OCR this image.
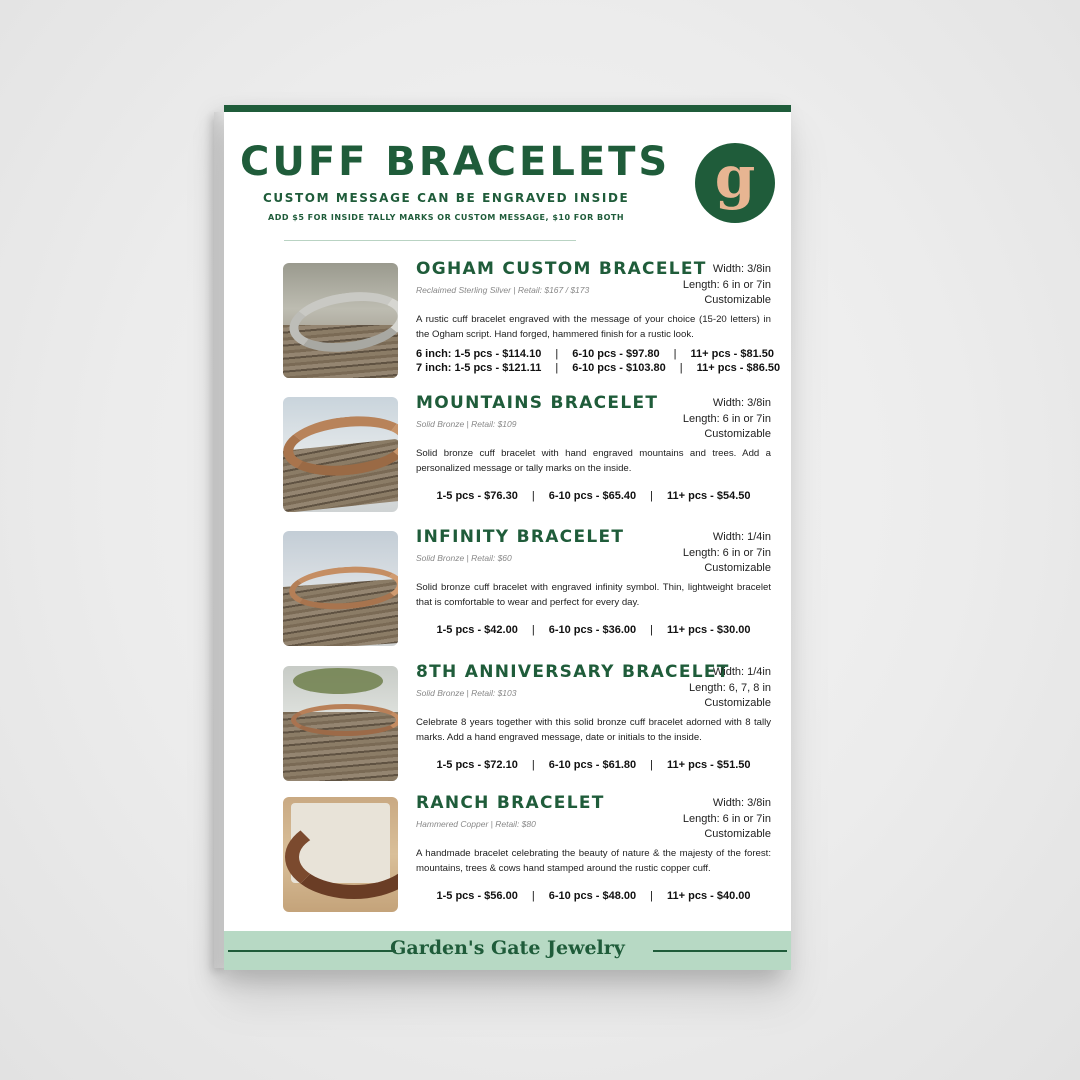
CUFF BRACELETS
CUSTOM MESSAGE CAN BE ENGRAVED INSIDE
ADD $5 FOR INSIDE TALLY MARKS OR CUSTOM MESSAGE, $10 FOR BOTH
g
OGHAM CUSTOM BRACELET
Reclaimed Sterling Silver | Retail: $167 / $173
Width: 3/8in
Length: 6 in or 7in
Customizable
A rustic cuff bracelet engraved with the message of your choice (15-20 letters) in the Ogham script. Hand forged, hammered finish for a rustic look.
6 inch: 1-5 pcs - $114.10 | 6-10 pcs - $97.80 | 11+ pcs - $81.50
7 inch: 1-5 pcs - $121.11 | 6-10 pcs - $103.80 | 11+ pcs - $86.50
MOUNTAINS BRACELET
Solid Bronze | Retail: $109
Width: 3/8in
Length: 6 in or 7in
Customizable
Solid bronze cuff bracelet with hand engraved mountains and trees. Add a personalized message or tally marks on the inside.
1-5 pcs - $76.30 | 6-10 pcs - $65.40 | 11+ pcs - $54.50
INFINITY BRACELET
Solid Bronze | Retail: $60
Width: 1/4in
Length: 6 in or 7in
Customizable
Solid bronze cuff bracelet with engraved infinity symbol. Thin, lightweight bracelet that is comfortable to wear and perfect for every day.
1-5 pcs - $42.00 | 6-10 pcs - $36.00 | 11+ pcs - $30.00
8TH ANNIVERSARY BRACELET
Solid Bronze | Retail: $103
Width: 1/4in
Length: 6, 7, 8 in
Customizable
Celebrate 8 years together with this solid bronze cuff bracelet adorned with 8 tally marks. Add a hand engraved message, date or initials to the inside.
1-5 pcs - $72.10 | 6-10 pcs - $61.80 | 11+ pcs - $51.50
RANCH BRACELET
Hammered Copper | Retail: $80
Width: 3/8in
Length: 6 in or 7in
Customizable
A handmade bracelet celebrating the beauty of nature & the majesty of the forest: mountains, trees & cows hand stamped around the rustic copper cuff.
1-5 pcs - $56.00 | 6-10 pcs - $48.00 | 11+ pcs - $40.00
Garden's Gate Jewelry
